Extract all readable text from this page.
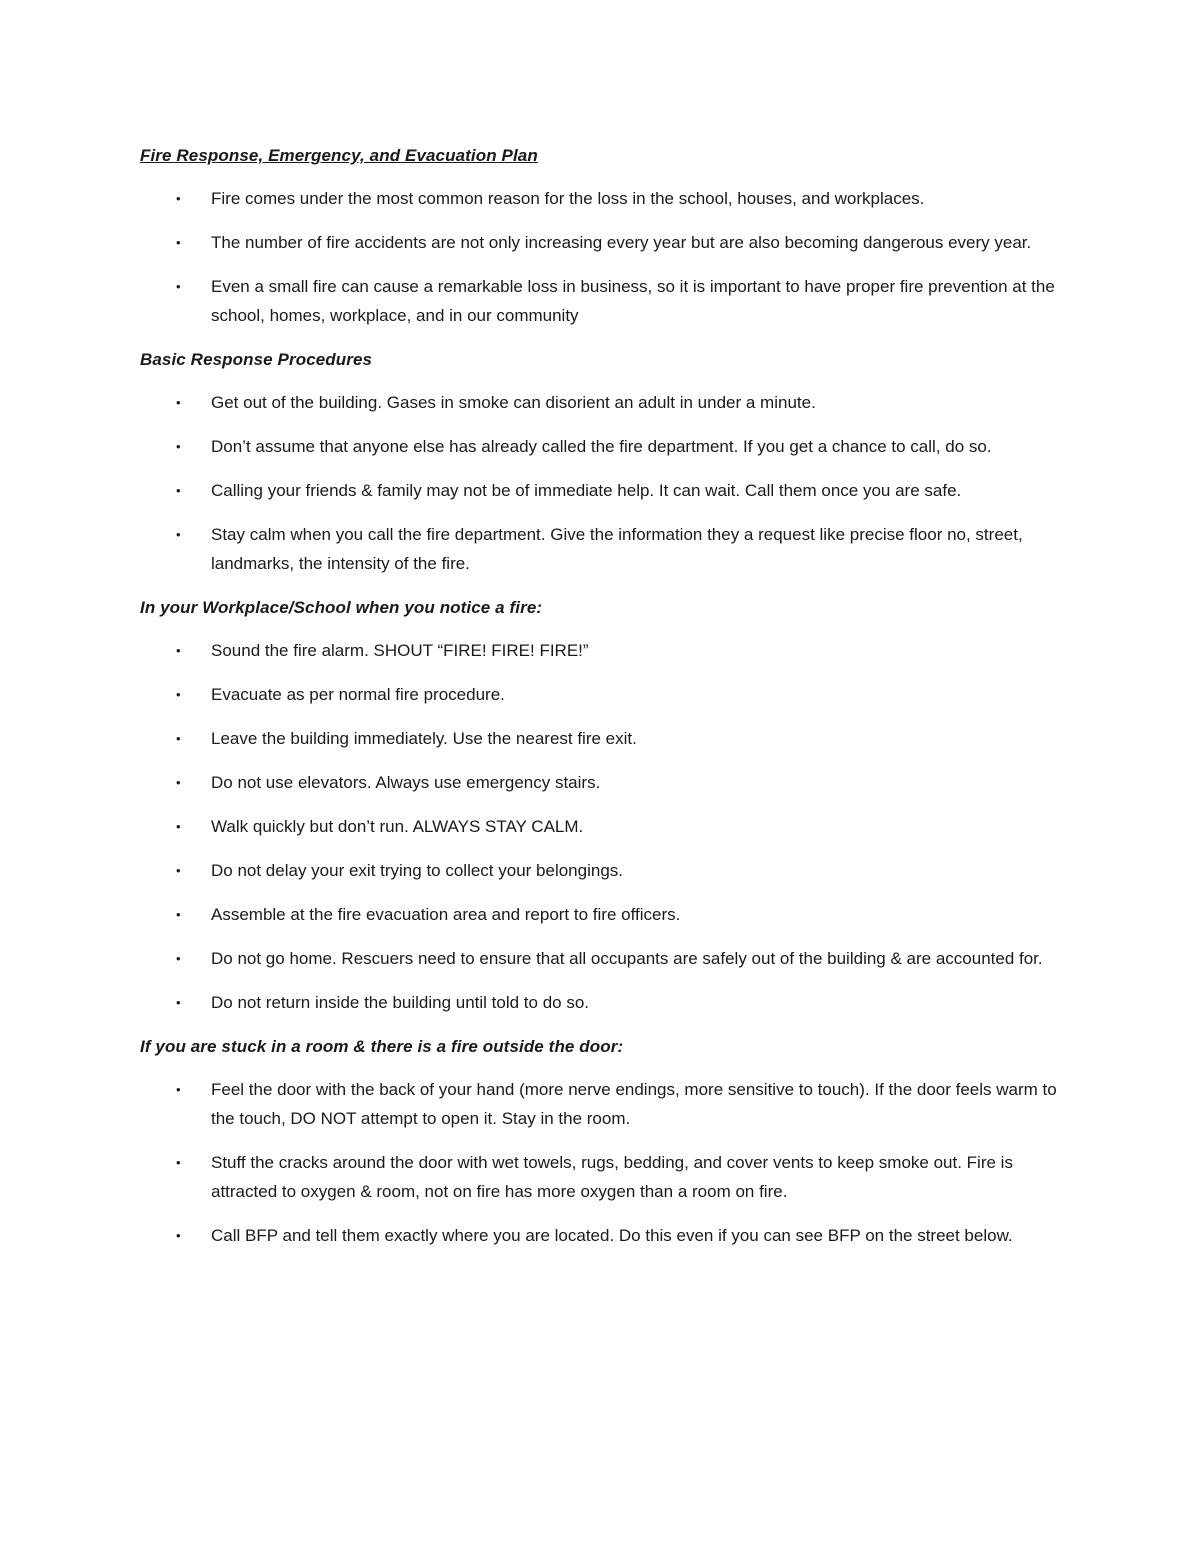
Fire Response, Emergency, and Evacuation Plan

• Fire comes under the most common reason for the loss in the school, houses, and workplaces.
• The number of fire accidents are not only increasing every year but are also becoming dangerous every year.
• Even a small fire can cause a remarkable loss in business, so it is important to have proper fire prevention at the school, homes, workplace, and in our community

Basic Response Procedures

• Get out of the building. Gases in smoke can disorient an adult in under a minute.
• Don’t assume that anyone else has already called the fire department. If you get a chance to call, do so.
• Calling your friends & family may not be of immediate help. It can wait. Call them once you are safe.
• Stay calm when you call the fire department. Give the information they a request like precise floor no, street, landmarks, the intensity of the fire.

In your Workplace/School when you notice a fire:

• Sound the fire alarm. SHOUT “FIRE! FIRE! FIRE!”
• Evacuate as per normal fire procedure.
• Leave the building immediately. Use the nearest fire exit.
• Do not use elevators. Always use emergency stairs.
• Walk quickly but don’t run. ALWAYS STAY CALM.
• Do not delay your exit trying to collect your belongings.
• Assemble at the fire evacuation area and report to fire officers.
• Do not go home. Rescuers need to ensure that all occupants are safely out of the building & are accounted for.
• Do not return inside the building until told to do so.

If you are stuck in a room & there is a fire outside the door:

• Feel the door with the back of your hand (more nerve endings, more sensitive to touch). If the door feels warm to the touch, DO NOT attempt to open it. Stay in the room.
• Stuff the cracks around the door with wet towels, rugs, bedding, and cover vents to keep smoke out. Fire is attracted to oxygen & room, not on fire has more oxygen than a room on fire.
• Call BFP and tell them exactly where you are located. Do this even if you can see BFP on the street below.
